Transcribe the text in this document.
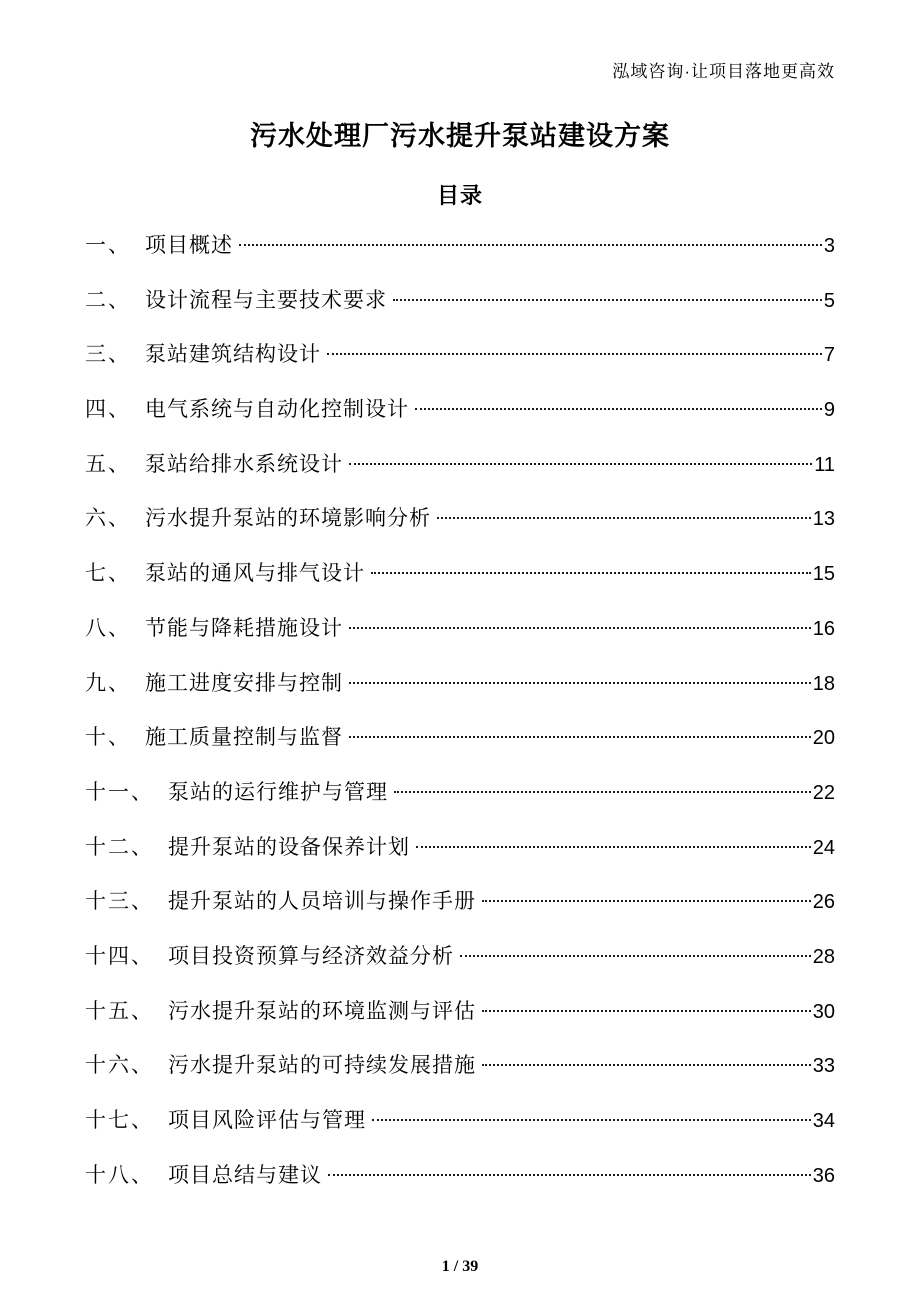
泓域咨询·让项目落地更高效
污水处理厂污水提升泵站建设方案
目录
一、 项目概述	3
二、 设计流程与主要技术要求	5
三、 泵站建筑结构设计	7
四、 电气系统与自动化控制设计	9
五、 泵站给排水系统设计	11
六、 污水提升泵站的环境影响分析	13
七、 泵站的通风与排气设计	15
八、 节能与降耗措施设计	16
九、 施工进度安排与控制	18
十、 施工质量控制与监督	20
十一、 泵站的运行维护与管理	22
十二、 提升泵站的设备保养计划	24
十三、 提升泵站的人员培训与操作手册	26
十四、 项目投资预算与经济效益分析	28
十五、 污水提升泵站的环境监测与评估	30
十六、 污水提升泵站的可持续发展措施	33
十七、 项目风险评估与管理	34
十八、 项目总结与建议	36
1 / 39
